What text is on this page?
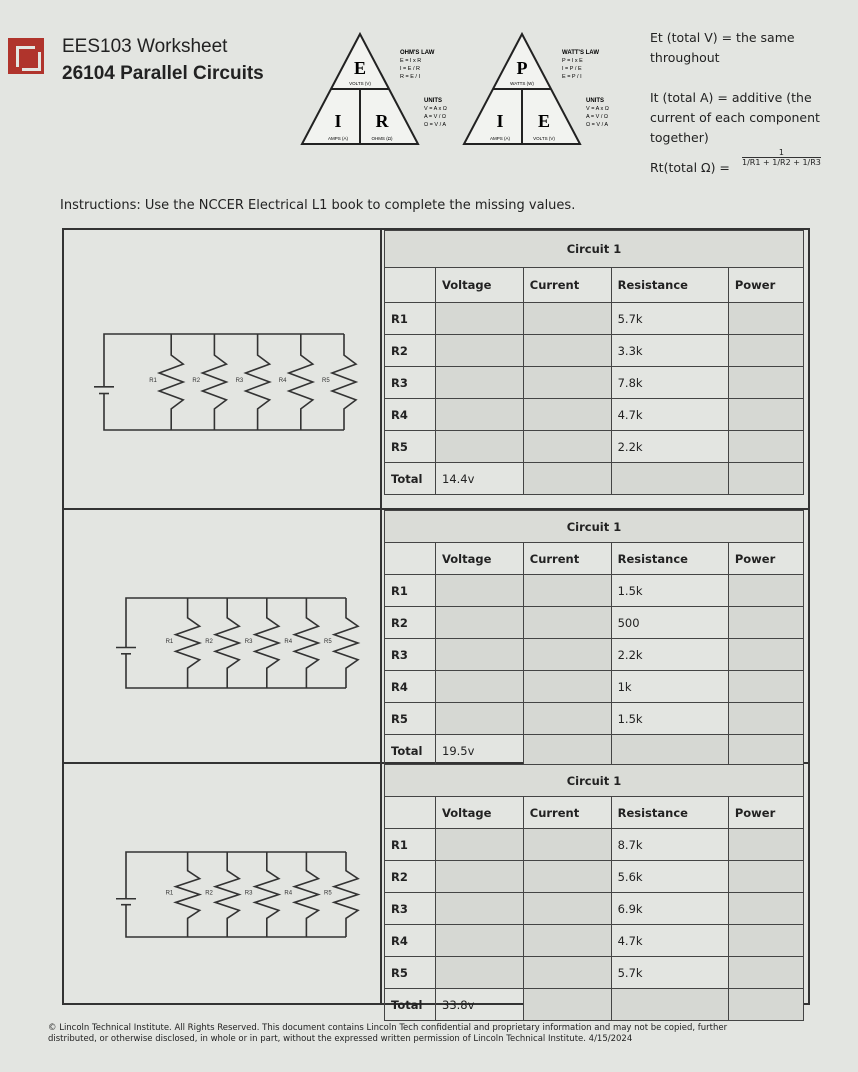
EES103 Worksheet
26104 Parallel Circuits	E
VOLTS (V)
I
AMPS (A)
R
OHMS (Ω)
OHM'S LAW
E = I x R
I = E / R
R = E / I
UNITS
V = A x Ω
A = V / Ω
Ω = V / A
P
WATTS (W)
I
AMPS (A)
E
VOLTS (V)
WATT'S LAW
P = I x E
I = P / E
E = P / I
UNITS
V = A x Ω
A = V / Ω
Ω = V / A
Et (total V) = the same throughout
It (total A) = additive (the current of each component together)
Rt(total Ω) =
$\frac{1}{1/R1 + 1/R2 + 1/R3}$
Instructions: Use the NCCER Electrical L1 book to complete the missing values.
R1	R2	R3	R4	R5
Circuit 1				
	Voltage	Current	Resistance	Power
R1			5.7k	
R2			3.3k	
R3			7.8k	
R4			4.7k	
R5			2.2k	
Total	14.4v			
R1	R2	R3	R4	R5
Circuit 1				
	Voltage	Current	Resistance	Power
R1			1.5k	
R2			500	
R3			2.2k	
R4			1k	
R5			1.5k	
Total	19.5v			
R1	R2	R3	R4	R5
Circuit 1				
	Voltage	Current	Resistance	Power
R1			8.7k	
R2			5.6k	
R3			6.9k	
R4			4.7k	
R5			5.7k	
Total	33.8v			
© Lincoln Technical Institute. All Rights Reserved. This document contains Lincoln Tech confidential and proprietary information and may not be copied, further distributed, or otherwise disclosed, in whole or in part, without the expressed written permission of Lincoln Technical Institute. 4/15/2024
